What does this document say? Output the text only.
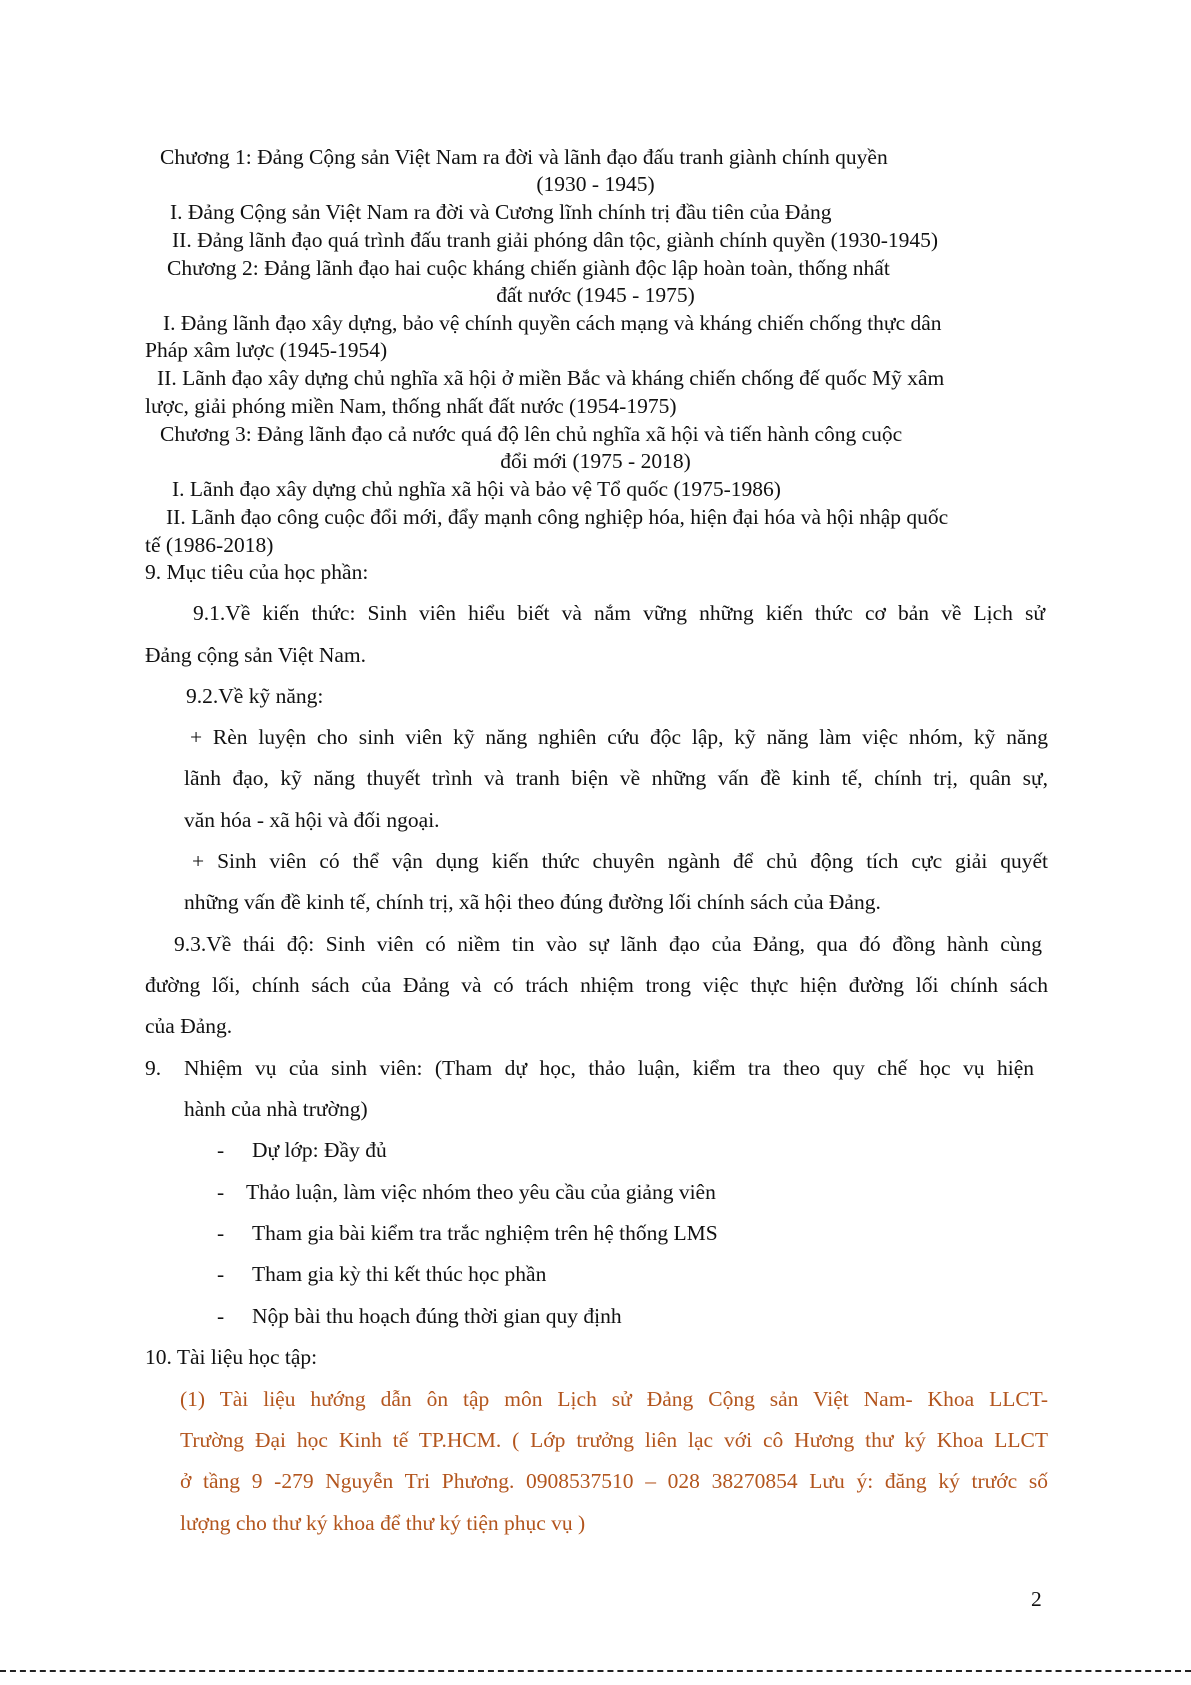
Chương 1: Đảng Cộng sản Việt Nam ra đời và lãnh đạo đấu tranh giành chính quyền
(1930 - 1945)
I. Đảng Cộng sản Việt Nam ra đời và Cương lĩnh chính trị đầu tiên của Đảng
II. Đảng lãnh đạo quá trình đấu tranh giải phóng dân tộc, giành chính quyền (1930-1945)
Chương 2: Đảng lãnh đạo hai cuộc kháng chiến giành độc lập hoàn toàn, thống nhất
đất nước (1945 - 1975)
I. Đảng lãnh đạo xây dựng, bảo vệ chính quyền cách mạng và kháng chiến chống thực dân
Pháp xâm lược (1945-1954)
II. Lãnh đạo xây dựng chủ nghĩa xã hội ở miền Bắc và kháng chiến chống đế quốc Mỹ xâm
lược, giải phóng miền Nam, thống nhất đất nước (1954-1975)
Chương 3: Đảng lãnh đạo cả nước quá độ lên chủ nghĩa xã hội và tiến hành công cuộc
đổi mới (1975 - 2018)
I. Lãnh đạo xây dựng chủ nghĩa xã hội và bảo vệ Tổ quốc (1975-1986)
II. Lãnh đạo công cuộc đổi mới, đẩy mạnh công nghiệp hóa, hiện đại hóa và hội nhập quốc
tế (1986-2018)
9. Mục tiêu của học phần:
9.1.Về kiến thức: Sinh viên hiểu biết và nắm vững những kiến thức cơ bản về Lịch sử
Đảng cộng sản Việt Nam.
9.2.Về kỹ năng:
+ Rèn luyện cho sinh viên kỹ năng nghiên cứu độc lập, kỹ năng làm việc nhóm, kỹ năng
lãnh đạo, kỹ năng thuyết trình và tranh biện về những vấn đề kinh tế, chính trị, quân sự,
văn hóa - xã hội và đối ngoại.
+ Sinh viên có thể vận dụng kiến thức chuyên ngành để chủ động tích cực giải quyết
những vấn đề kinh tế, chính trị, xã hội theo đúng đường lối chính sách của Đảng.
9.3.Về thái độ: Sinh viên có niềm tin vào sự lãnh đạo của Đảng, qua đó đồng hành cùng
đường lối, chính sách của Đảng và có trách nhiệm trong việc thực hiện đường lối chính sách
của Đảng.
9. Nhiệm vụ của sinh viên: (Tham dự học, thảo luận, kiểm tra theo quy chế học vụ hiện
hành của nhà trường)
- Dự lớp: Đầy đủ
- Thảo luận, làm việc nhóm theo yêu cầu của giảng viên
- Tham gia bài kiểm tra trắc nghiệm trên hệ thống LMS
- Tham gia kỳ thi kết thúc học phần
- Nộp bài thu hoạch đúng thời gian quy định
10. Tài liệu học tập:
(1) Tài liệu hướng dẫn ôn tập môn Lịch sử Đảng Cộng sản Việt Nam- Khoa LLCT-
Trường Đại học Kinh tế TP.HCM. ( Lớp trưởng liên lạc với cô Hương thư ký Khoa LLCT
ở tầng 9 -279 Nguyễn Tri Phương. 0908537510 – 028 38270854 Lưu ý: đăng ký trước số
lượng cho thư ký khoa để thư ký tiện phục vụ )
2
